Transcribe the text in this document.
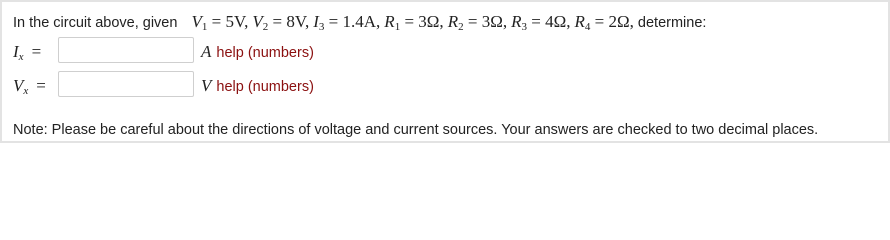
In the circuit above, given $V_1 = 5V$, $V_2 = 8V$, $I_3 = 1.4A$, $R_1 = 3\Omega$, $R_2 = 3\Omega$, $R_3 = 4\Omega$, $R_4 = 2\Omega$, determine:
$I_x$ =	A help (numbers)
$V_x$ =	V help (numbers)
Note: Please be careful about the directions of voltage and current sources. Your answers are checked to two decimal places.
